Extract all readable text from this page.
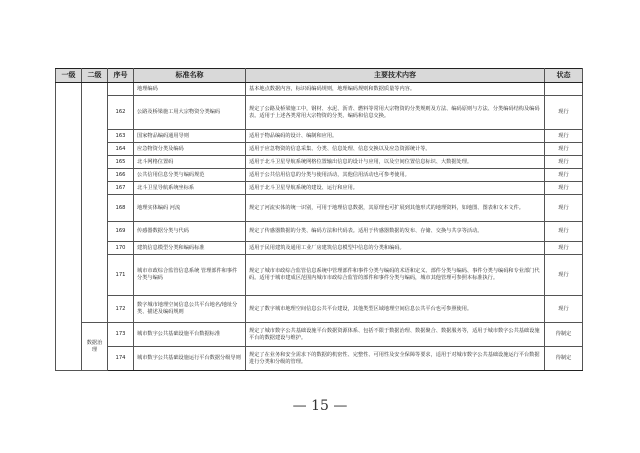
一级	二级	序号	标准名称	主要技术内容	状态
			地理编码	基本地点数据内容，标识码编码规则，地理编码规则和数据质量等内容。	
		162	公路及桥梁施工用大宗物资分类编码	规定了公路及桥梁施工中，钢材、水泥、沥青、燃料等常用大宗物资的分类规则及方法、编码原则与方法、分类编码结构及编码表。适用于上述各类常用大宗物资的分类、编码和信息交换。	现行
		163	国家物品编码通用导则	适用于物品编码的设计、编制和应用。	现行
		164	应急物资分类及编码	适用于应急物资的信息采集、分类、信息处理、信息交换以及应急资源统计等。	现行
		165	北斗网格位置码	适用于北斗卫星导航系统网格位置输出信息的设计与应用，以及空间位置信息标识、大数据处理。	现行
		166	公共信用信息分类与编码规范	适用于公共信用信息的分类与使用活动，其他信用活动也可参考使用。	现行
		167	北斗卫星导航系统坐标系	适用于北斗卫星导航系统的建设、运行和应用。	现行
		168	地理实体编码 河流	规定了河流实体的统一识别，可用于地理信息数据，其原理也可扩展到其他形式的地理资料，如地图、图表和文本文件。	现行
		169	传感器数据分类与代码	规定了传感器数据的分类、编码方法和代码表。适用于传感器数据的发布、存储、交换与共享等活动。	现行
		170	建筑信息模型分类和编码标准	适用于民用建筑及通用工业厂房建筑信息模型中信息的分类和编码。	现行
		171	城市市政综合监管信息系统 管理部件和事件分类与编码	规定了城市市政综合监管信息系统中管理部件和事件分类与编码的术语和定义、部件分类与编码、事件分类与编码和专业部门代码。适用于城市建成区范围内城市市政综合监管的部件和事件分类与编码，城市其他管理可参照本标准执行。	现行
		172	数字城市地理空间信息公共平台地名/地址分类、描述及编码规则	规定了数字城市地理空间信息公共平台建设，其他类型区域地理空间信息公共平台也可参照使用。	现行
	数据治理	173	城市数字公共基础设施平台数据标准	规定了城市数字公共基础设施平台数据资源体系、包括不限于数据治理、数据聚合、数据服务等，适用于城市数字公共基础设施平台的数据建设与维护。	待制定
		174	城市数字公共基础设施运行平台数据分级导则	规定了在业务和安全需求下的数据的机密性、完整性、可用性及安全保障等要求，适用于对城市数字公共基础设施运行平台数据进行分类和分级的管理。	待制定
— 15 —
